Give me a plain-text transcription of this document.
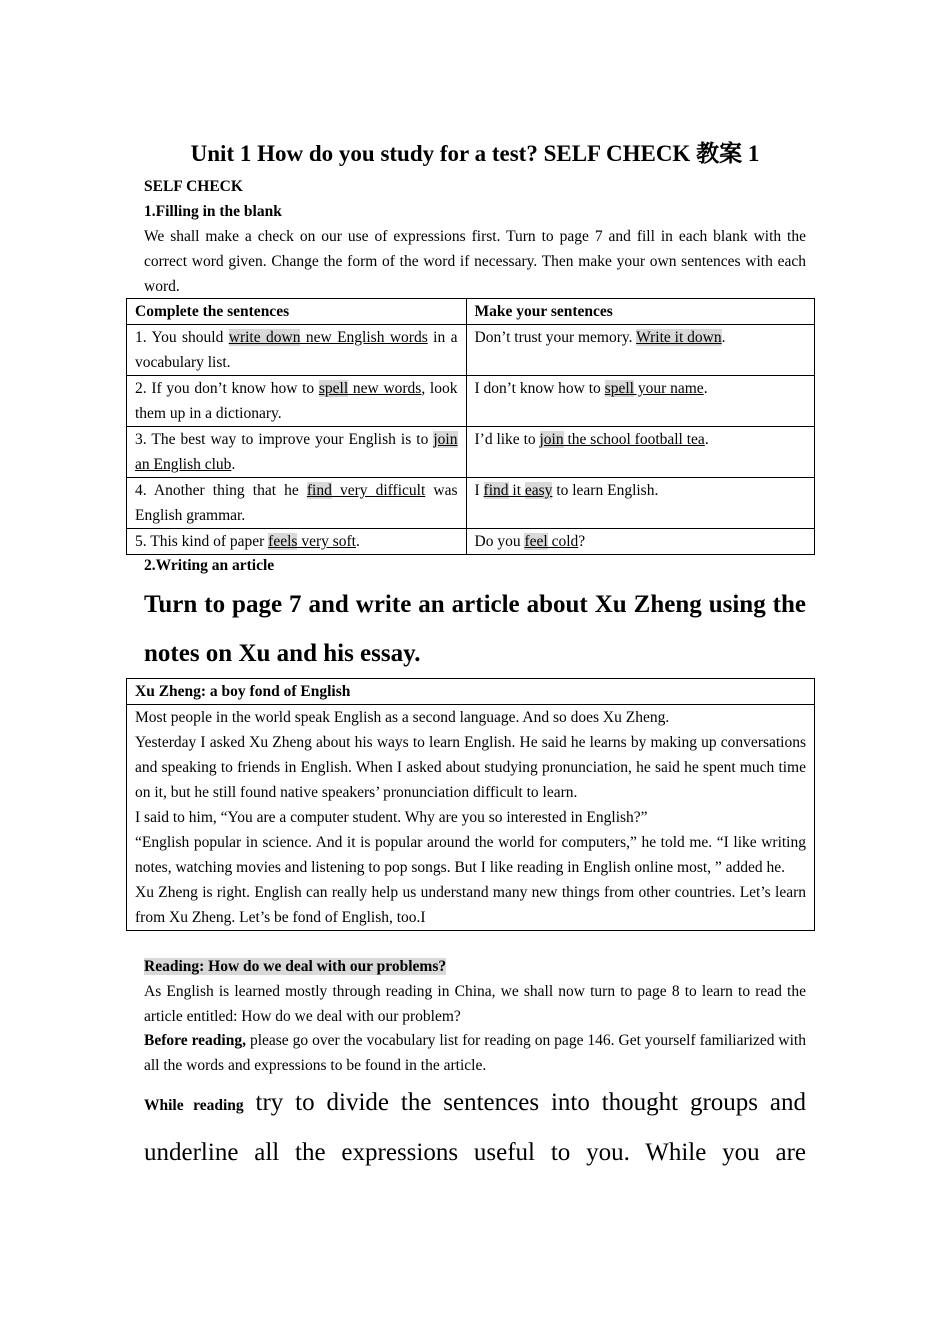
Unit 1 How do you study for a test? SELF CHECK 教案 1
SELF CHECK
1.Filling in the blank
We shall make a check on our use of expressions first. Turn to page 7 and fill in each blank with the correct word given. Change the form of the word if necessary. Then make your own sentences with each word.
Complete the sentences	Make your sentences
1. You should write down new English words in a vocabulary list.	Don’t trust your memory. Write it down.
2. If you don’t know how to spell new words, look them up in a dictionary.	I don’t know how to spell your name.
3. The best way to improve your English is to join an English club.	I’d like to join the school football tea.
4. Another thing that he find very difficult was English grammar.	I find it easy to learn English.
5. This kind of paper feels very soft.	Do you feel cold?
2.Writing an article
Turn to page 7 and write an article about Xu Zheng using the notes on Xu and his essay.
Xu Zheng: a boy fond of English

Most people in the world speak English as a second language. And so does Xu Zheng.
Yesterday I asked Xu Zheng about his ways to learn English. He said he learns by making up conversations and speaking to friends in English. When I asked about studying pronunciation, he said he spent much time on it, but he still found native speakers’ pronunciation difficult to learn.
I said to him, “You are a computer student. Why are you so interested in English?”
“English popular in science. And it is popular around the world for computers,” he told me. “I like writing notes, watching movies and listening to pop songs. But I like reading in English online most, ” added he.
Xu Zheng is right. English can really help us understand many new things from other countries. Let’s learn from Xu Zheng. Let’s be fond of English, too.I
Reading: How do we deal with our problems?
As English is learned mostly through reading in China, we shall now turn to page 8 to learn to read the article entitled: How do we deal with our problem?
Before reading, please go over the vocabulary list for reading on page 146. Get yourself familiarized with all the words and expressions to be found in the article.
While reading try to divide the sentences into thought groups and
underline all the expressions useful to you. While you are
